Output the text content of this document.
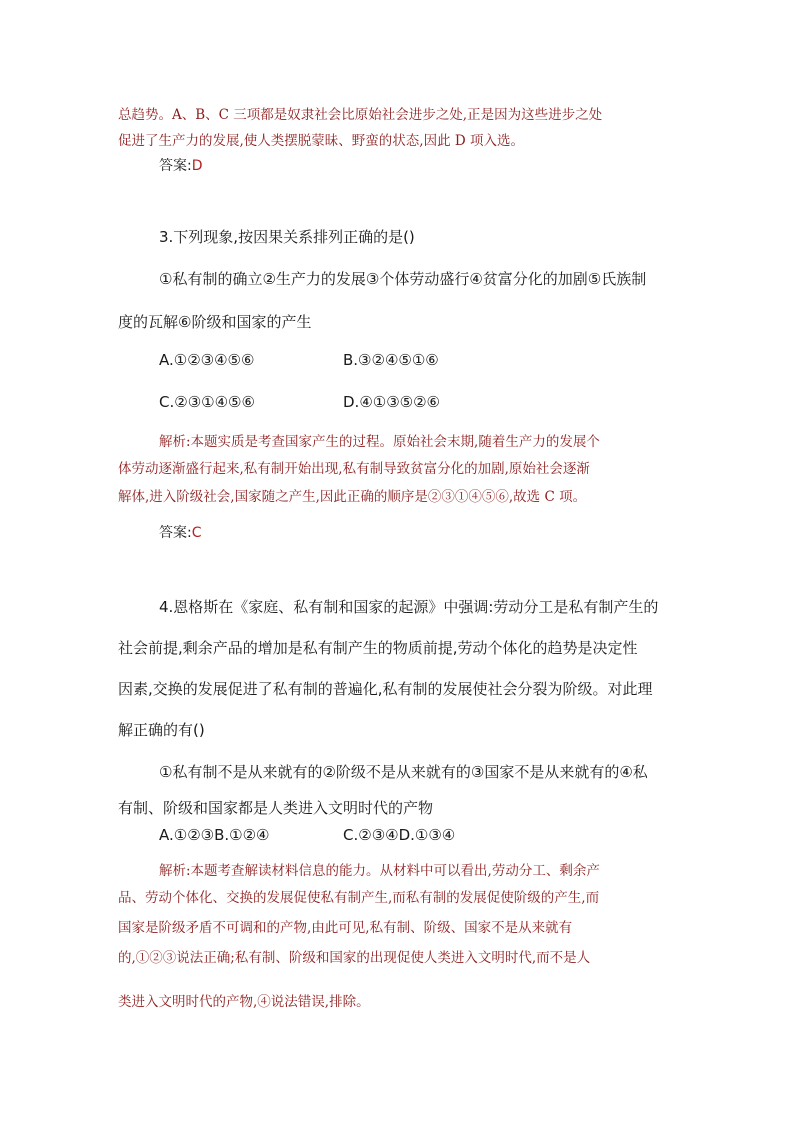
总趋势。A、B、C 三项都是奴隶社会比原始社会进步之处,正是因为这些进步之处
促进了生产力的发展,使人类摆脱蒙昧、野蛮的状态,因此 D 项入选。
答案:D
3.下列现象,按因果关系排列正确的是()
①私有制的确立②生产力的发展③个体劳动盛行④贫富分化的加剧⑤氏族制
度的瓦解⑥阶级和国家的产生
A.①②③④⑤⑥	B.③②④⑤①⑥
C.②③①④⑤⑥	D.④①③⑤②⑥
解析:本题实质是考查国家产生的过程。原始社会末期,随着生产力的发展个
体劳动逐渐盛行起来,私有制开始出现,私有制导致贫富分化的加剧,原始社会逐渐
解体,进入阶级社会,国家随之产生,因此正确的顺序是②③①④⑤⑥,故选 C 项。
答案:C
4.恩格斯在《家庭、私有制和国家的起源》中强调:劳动分工是私有制产生的
社会前提,剩余产品的增加是私有制产生的物质前提,劳动个体化的趋势是决定性
因素,交换的发展促进了私有制的普遍化,私有制的发展使社会分裂为阶级。对此理
解正确的有()
①私有制不是从来就有的②阶级不是从来就有的③国家不是从来就有的④私
有制、阶级和国家都是人类进入文明时代的产物
A.①②③B.①②④	C.②③④D.①③④
解析:本题考查解读材料信息的能力。从材料中可以看出,劳动分工、剩余产
品、劳动个体化、交换的发展促使私有制产生,而私有制的发展促使阶级的产生,而
国家是阶级矛盾不可调和的产物,由此可见,私有制、阶级、国家不是从来就有
的,①②③说法正确;私有制、阶级和国家的出现促使人类进入文明时代,而不是人
类进入文明时代的产物,④说法错误,排除。
